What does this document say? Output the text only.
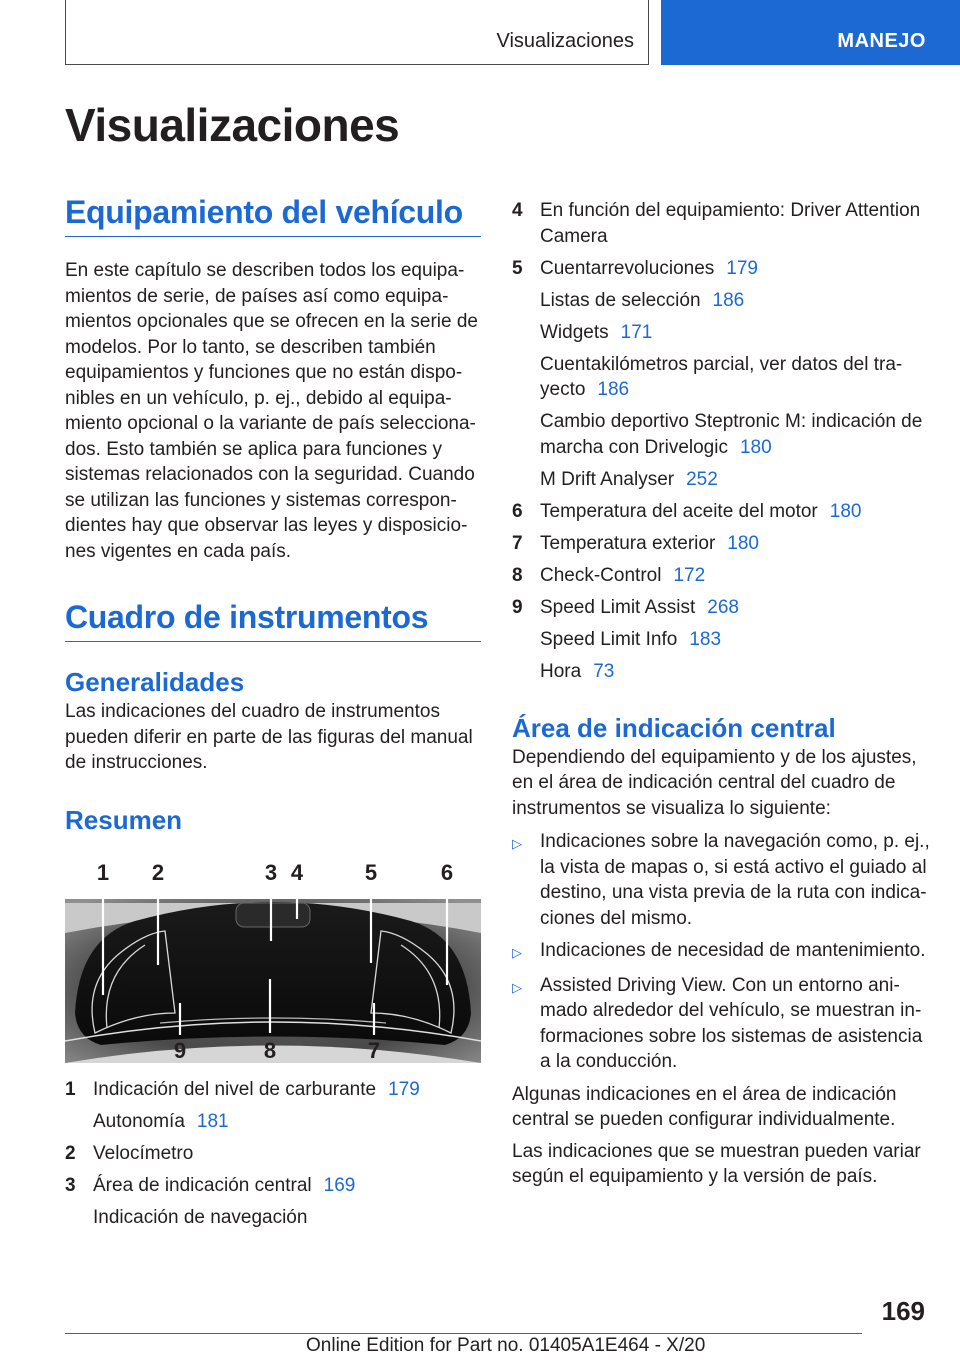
Visualizaciones	MANEJO
Visualizaciones
Equipamiento del vehículo

En este capítulo se describen todos los equipamientos de serie, de países así como equipamientos opcionales que se ofrecen en la serie de modelos. Por lo tanto, se describen también equipamientos y funciones que no están disponibles en un vehículo, p. ej., debido al equipamiento opcional o la variante de país seleccionados. Esto también se aplica para funciones y sistemas relacionados con la seguridad. Cuando se utilizan las funciones y sistemas correspondientes hay que observar las leyes y disposiciones vigentes en cada país.

Cuadro de instrumentos
Generalidades

Las indicaciones del cuadro de instrumentos pueden diferir en parte de las figuras del manual de instrucciones.

Resumen
1 2	3 4	5	6
9	8	7
1 Indicación del nivel de carburante 179
Autonomía 181
2 Velocímetro
3 Área de indicación central 169
Indicación de navegación
4 En función del equipamiento: Driver Attention Camera
5 Cuentarrevoluciones 179
Listas de selección 186
Widgets 171
Cuentakilómetros parcial, ver datos del trayecto 186
Cambio deportivo Steptronic M: indicación de marcha con Drivelogic 180
M Drift Analyser 252
6 Temperatura del aceite del motor 180
7 Temperatura exterior 180
8 Check-Control 172
9 Speed Limit Assist 268
Speed Limit Info 183
Hora 73
Área de indicación central

Dependiendo del equipamiento y de los ajustes, en el área de indicación central del cuadro de instrumentos se visualiza lo siguiente:

▷ Indicaciones sobre la navegación como, p. ej., la vista de mapas o, si está activo el guiado al destino, una vista previa de la ruta con indicaciones del mismo.
▷ Indicaciones de necesidad de mantenimiento.
▷ Assisted Driving View. Con un entorno animado alrededor del vehículo, se muestran informaciones sobre los sistemas de asistencia a la conducción.

Algunas indicaciones en el área de indicación central se pueden configurar individualmente.

Las indicaciones que se muestran pueden variar según el equipamiento y la versión de país.

169
Online Edition for Part no. 01405A1E464 - X/20
